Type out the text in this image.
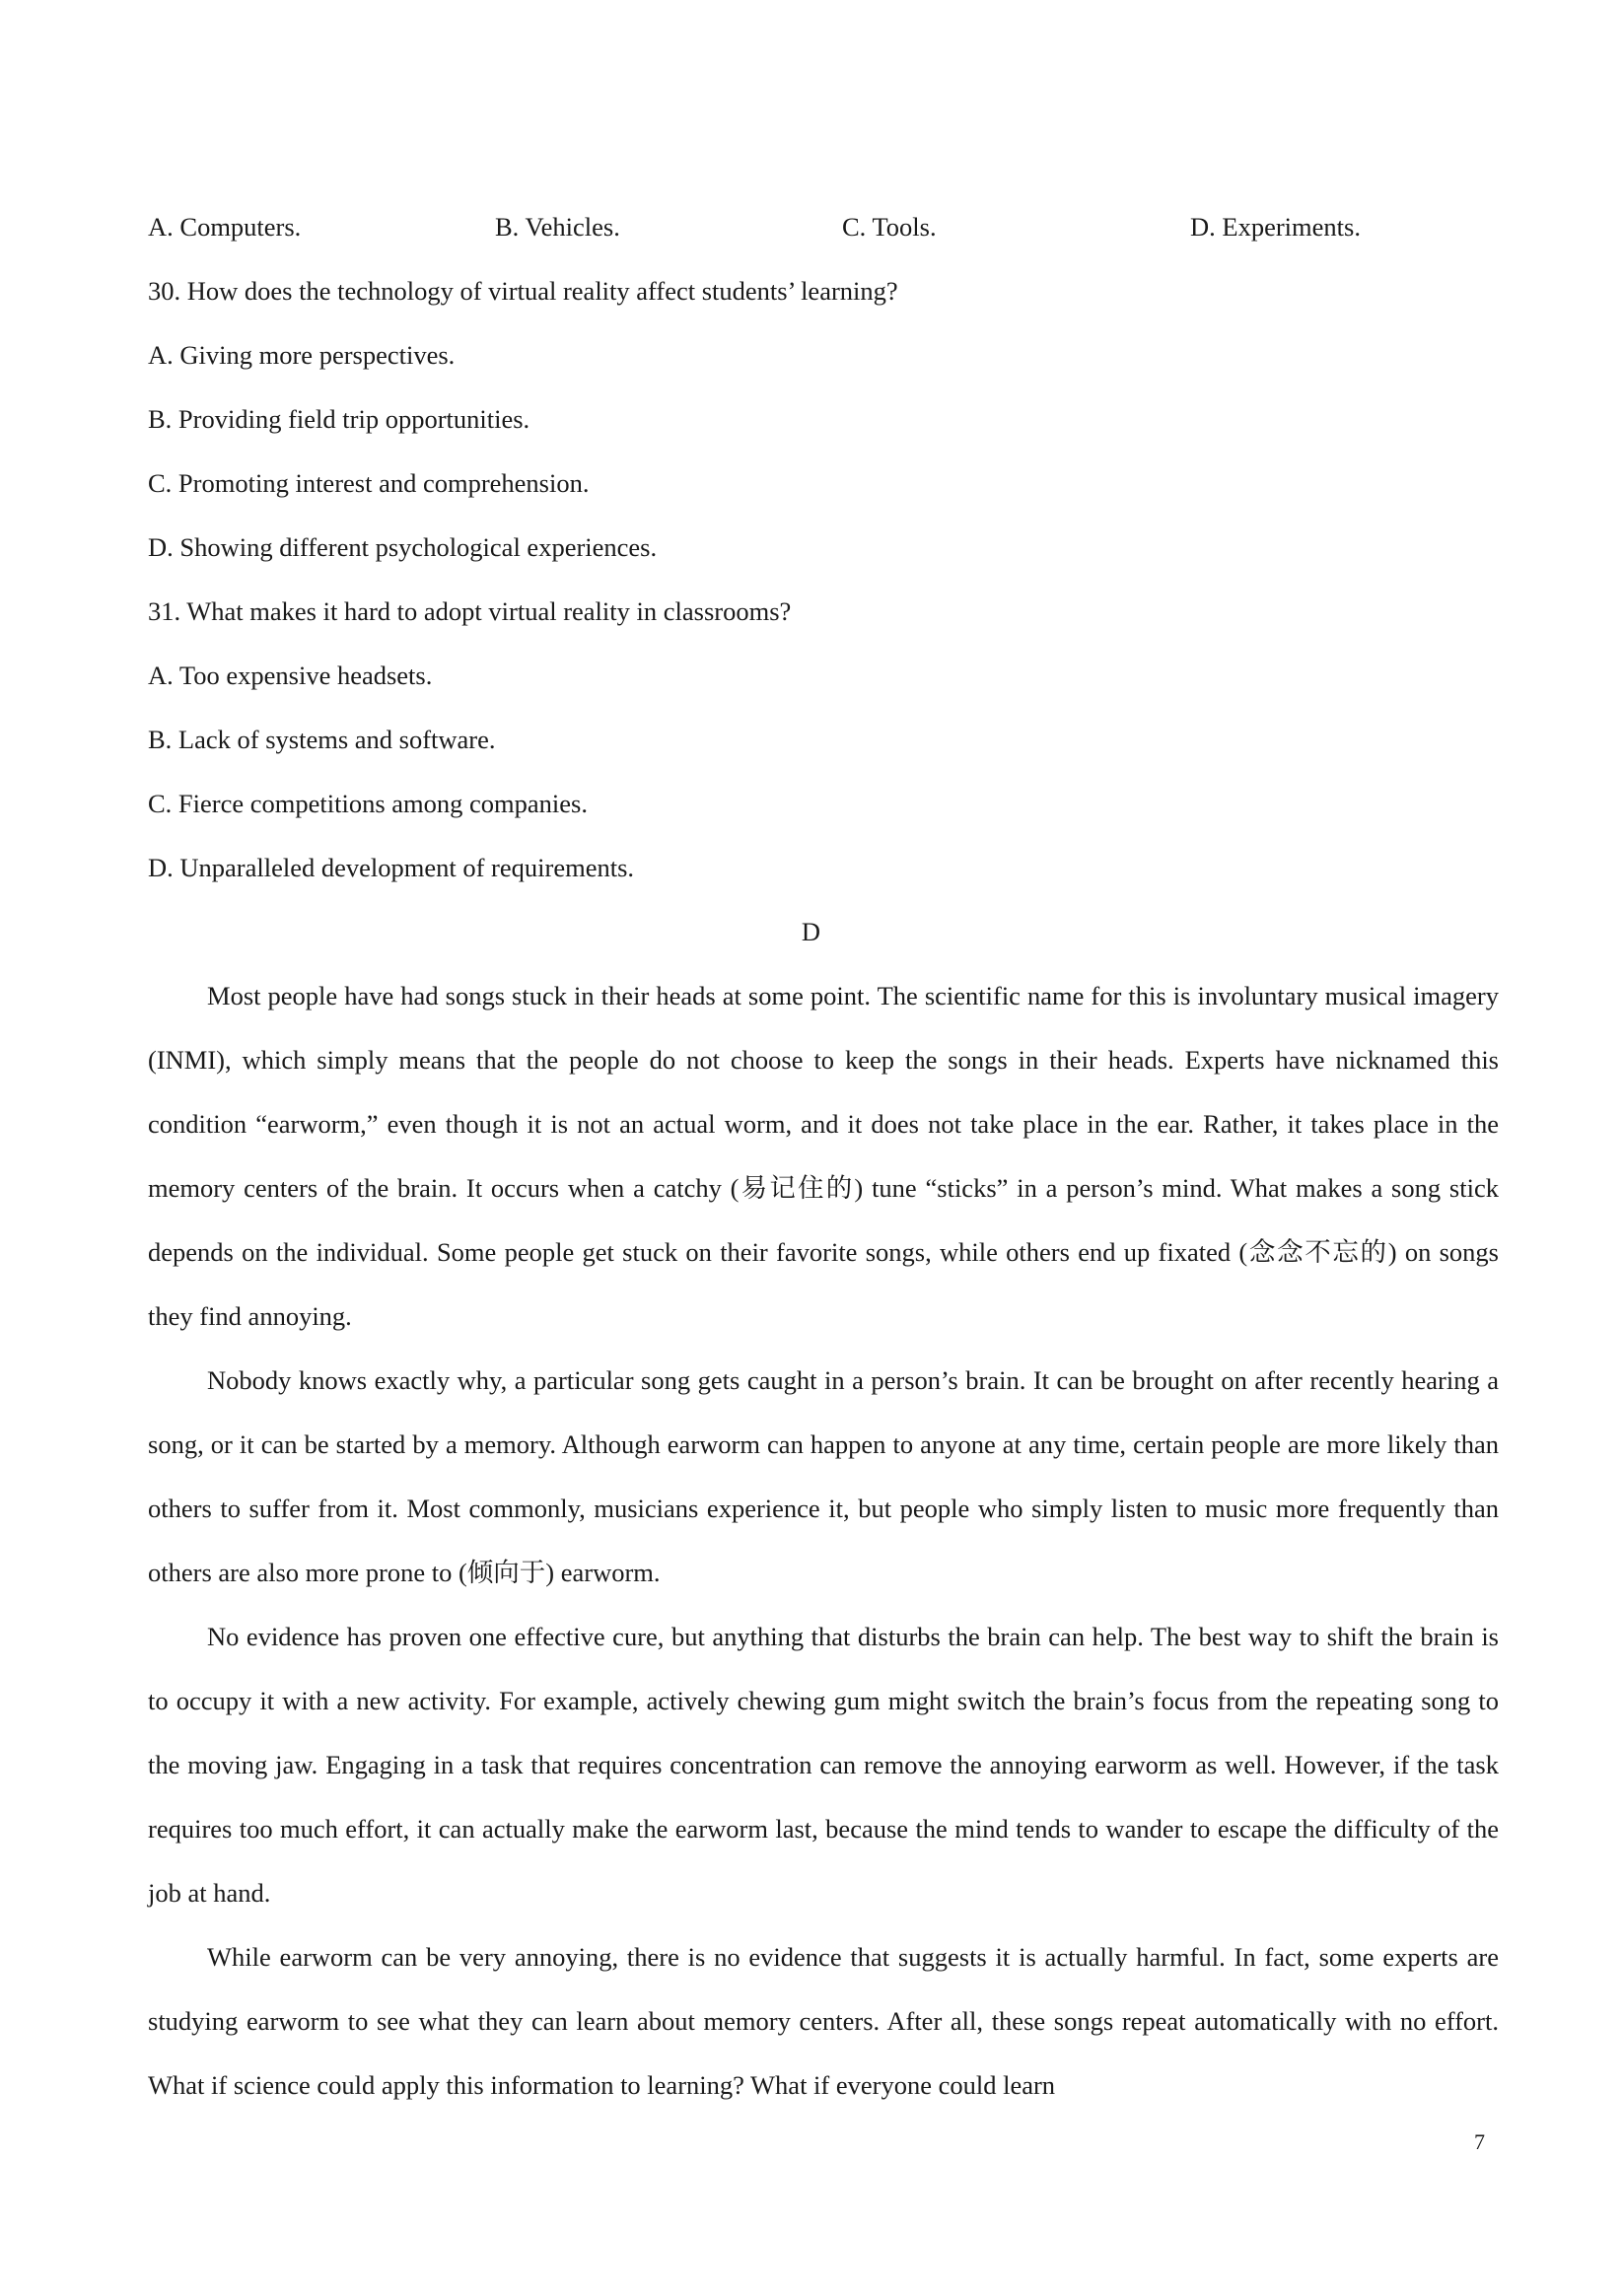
A. Computers.	B. Vehicles.	C. Tools.	D. Experiments.
30. How does the technology of virtual reality affect students’ learning?
A. Giving more perspectives.
B. Providing field trip opportunities.
C. Promoting interest and comprehension.
D. Showing different psychological experiences.
31. What makes it hard to adopt virtual reality in classrooms?
A. Too expensive headsets.
B. Lack of systems and software.
C. Fierce competitions among companies.
D. Unparalleled development of requirements.
D

Most people have had songs stuck in their heads at some point. The scientific name for this is involuntary musical imagery (INMI), which simply means that the people do not choose to keep the songs in their heads. Experts have nicknamed this condition “earworm,” even though it is not an actual worm, and it does not take place in the ear. Rather, it takes place in the memory centers of the brain. It occurs when a catchy (易记住的) tune “sticks” in a person’s mind. What makes a song stick depends on the individual. Some people get stuck on their favorite songs, while others end up fixated (念念不忘的) on songs they find annoying.

Nobody knows exactly why, a particular song gets caught in a person’s brain. It can be brought on after recently hearing a song, or it can be started by a memory. Although earworm can happen to anyone at any time, certain people are more likely than others to suffer from it. Most commonly, musicians experience it, but people who simply listen to music more frequently than others are also more prone to (倾向于) earworm.

No evidence has proven one effective cure, but anything that disturbs the brain can help. The best way to shift the brain is to occupy it with a new activity. For example, actively chewing gum might switch the brain’s focus from the repeating song to the moving jaw. Engaging in a task that requires concentration can remove the annoying earworm as well. However, if the task requires too much effort, it can actually make the earworm last, because the mind tends to wander to escape the difficulty of the job at hand.

While earworm can be very annoying, there is no evidence that suggests it is actually harmful. In fact, some experts are studying earworm to see what they can learn about memory centers. After all, these songs repeat automatically with no effort. What if science could apply this information to learning? What if everyone could learn

7
